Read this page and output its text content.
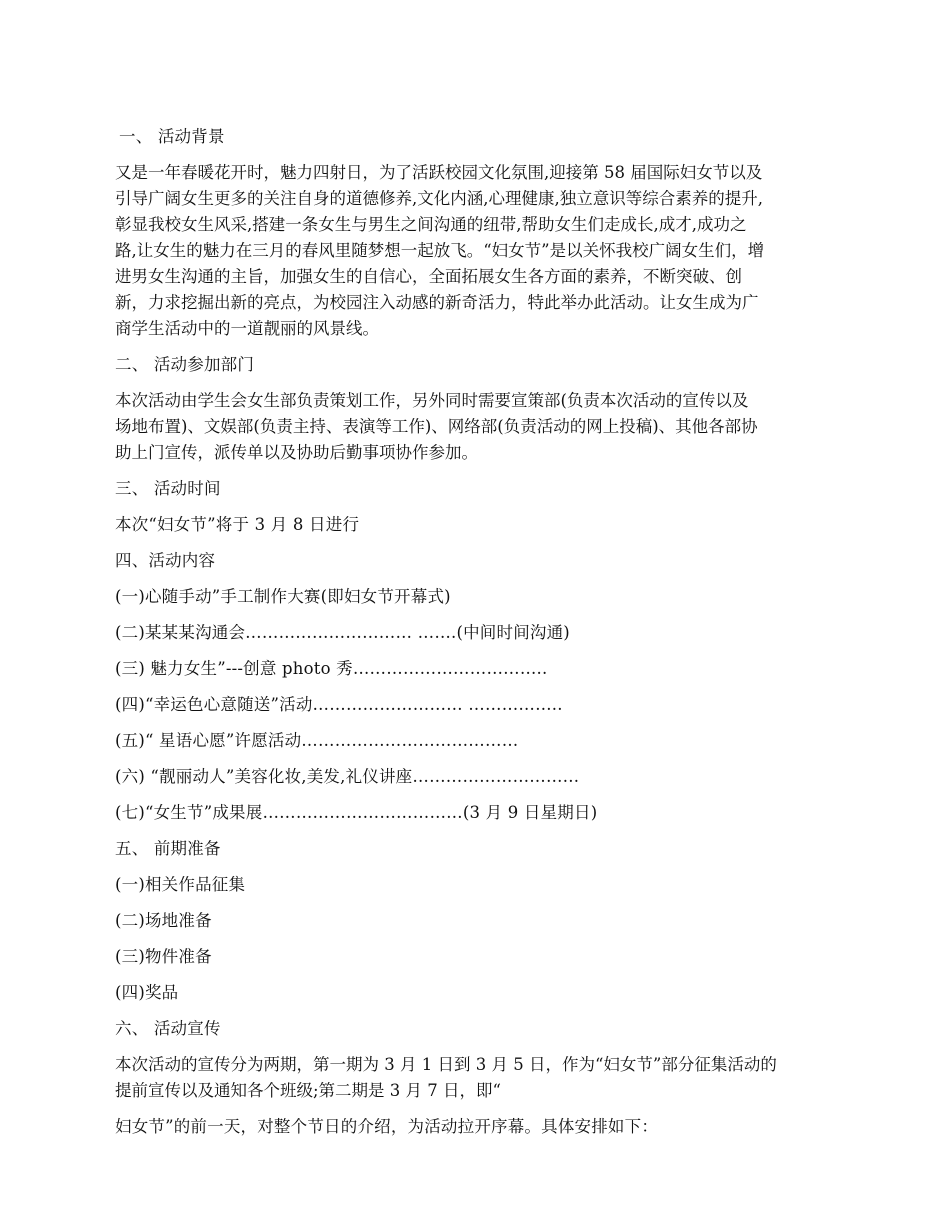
一、 活动背景
又是一年春暖花开时，魅力四射日，为了活跃校园文化氛围,迎接第 58 届国际妇女节以及
引导广阔女生更多的关注自身的道德修养,文化内涵,心理健康,独立意识等综合素养的提升,
彰显我校女生风采,搭建一条女生与男生之间沟通的纽带,帮助女生们走成长,成才,成功之
路,让女生的魅力在三月的春风里随梦想一起放飞。“妇女节”是以关怀我校广阔女生们，增
进男女生沟通的主旨，加强女生的自信心，全面拓展女生各方面的素养，不断突破、创
新，力求挖掘出新的亮点，为校园注入动感的新奇活力，特此举办此活动。让女生成为广
商学生活动中的一道靓丽的风景线。
二、 活动参加部门
本次活动由学生会女生部负责策划工作，另外同时需要宣策部(负责本次活动的宣传以及
场地布置)、文娱部(负责主持、表演等工作)、网络部(负责活动的网上投稿)、其他各部协
助上门宣传，派传单以及协助后勤事项协作参加。
三、 活动时间
本次“妇女节”将于 3 月 8 日进行
四、活动内容
(一)心随手动”手工制作大赛(即妇女节开幕式)
(二)某某某沟通会………………………… …….(中间时间沟通)
(三) 魅力女生”---创意 photo 秀……………………………..
(四)“幸运色心意随送”活动……………………… ……………..
(五)“ 星语心愿”许愿活动…………………………………
(六) “靓丽动人”美容化妆,美发,礼仪讲座…………………………
(七)“女生节”成果展………………………………(3 月 9 日星期日)
五、 前期准备
(一)相关作品征集
(二)场地准备
(三)物件准备
(四)奖品
六、 活动宣传
本次活动的宣传分为两期，第一期为 3 月 1 日到 3 月 5 日，作为“妇女节”部分征集活动的
提前宣传以及通知各个班级;第二期是 3 月 7 日，即“
妇女节”的前一天，对整个节日的介绍，为活动拉开序幕。具体安排如下：
